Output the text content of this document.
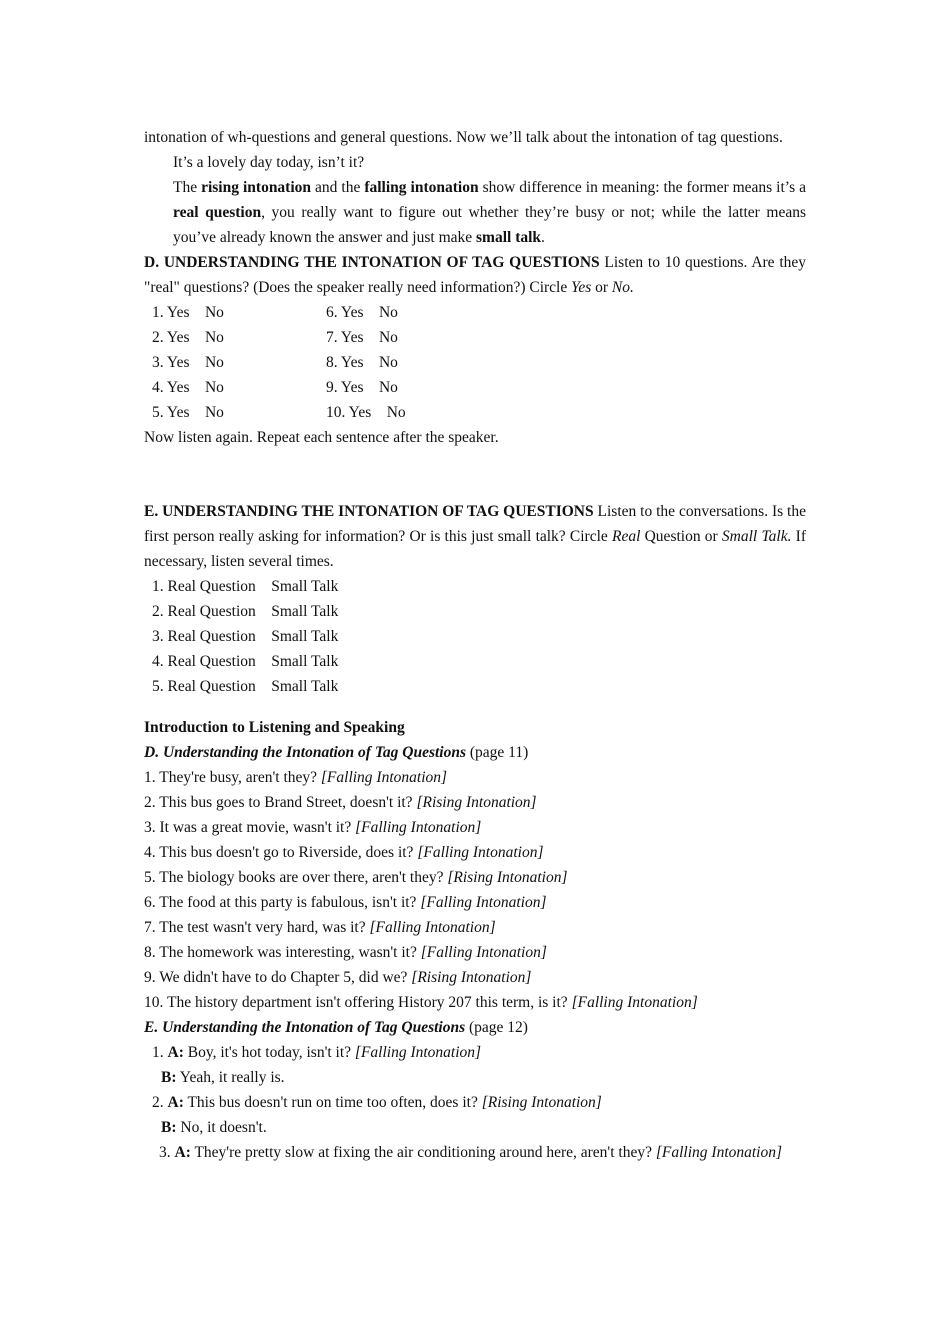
intonation of wh-questions and general questions. Now we’ll talk about the intonation of tag questions.

It’s a lovely day today, isn’t it?

The rising intonation and the falling intonation show difference in meaning: the former means it’s a real question, you really want to figure out whether they’re busy or not; while the latter means you’ve already known the answer and just make small talk.

D. UNDERSTANDING THE INTONATION OF TAG QUESTIONS Listen to 10 questions. Are they "real" questions? (Does the speaker really need information?) Circle Yes or No.

1. Yes    No	6. Yes    No
2. Yes    No	7. Yes    No
3. Yes    No	8. Yes    No
4. Yes    No	9. Yes    No
5. Yes    No	10. Yes    No

Now listen again. Repeat each sentence after the speaker.

E. UNDERSTANDING THE INTONATION OF TAG QUESTIONS Listen to the conversations. Is the first person really asking for information? Or is this just small talk? Circle Real Question or Small Talk. If necessary, listen several times.

1. Real Question    Small Talk

2. Real Question    Small Talk

3. Real Question    Small Talk

4. Real Question    Small Talk

5. Real Question    Small Talk

Introduction to Listening and Speaking

D. Understanding the Intonation of Tag Questions (page 11)

1. They're busy, aren't they? [Falling Intonation]

2. This bus goes to Brand Street, doesn't it? [Rising Intonation]

3. It was a great movie, wasn't it? [Falling Intonation]

4. This bus doesn't go to Riverside, does it? [Falling Intonation]

5. The biology books are over there, aren't they? [Rising Intonation]

6. The food at this party is fabulous, isn't it? [Falling Intonation]

7. The test wasn't very hard, was it? [Falling Intonation]

8. The homework was interesting, wasn't it? [Falling Intonation]

9. We didn't have to do Chapter 5, did we? [Rising Intonation]

10. The history department isn't offering History 207 this term, is it? [Falling Intonation]

E. Understanding the Intonation of Tag Questions (page 12)

1. A: Boy, it's hot today, isn't it? [Falling Intonation]

B: Yeah, it really is.

2. A: This bus doesn't run on time too often, does it? [Rising Intonation]

B: No, it doesn't.

3. A: They're pretty slow at fixing the air conditioning around here, aren't they? [Falling Intonation]
